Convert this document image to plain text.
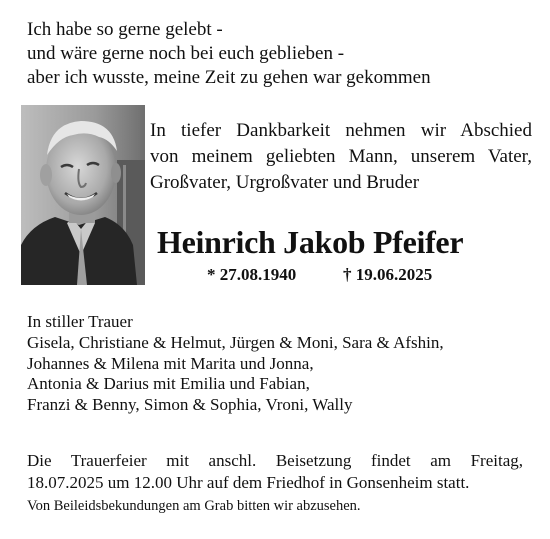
Ich habe so gerne gelebt -
und wäre gerne noch bei euch geblieben -
aber ich wusste, meine Zeit zu gehen war gekommen
In tiefer Dankbarkeit nehmen wir Abschied
von meinem geliebten Mann, unserem Vater,
Großvater, Urgroßvater und Bruder
Heinrich Jakob Pfeifer
* 27.08.1940	† 19.06.2025
In stiller Trauer
Gisela, Christiane & Helmut, Jürgen & Moni, Sara & Afshin,
Johannes & Milena mit Marita und Jonna,
Antonia & Darius mit Emilia und Fabian,
Franzi & Benny, Simon & Sophia, Vroni, Wally
Die Trauerfeier mit anschl. Beisetzung findet am Freitag,
18.07.2025 um 12.00 Uhr auf dem Friedhof in Gonsenheim statt.
Von Beileidsbekundungen am Grab bitten wir abzusehen.
